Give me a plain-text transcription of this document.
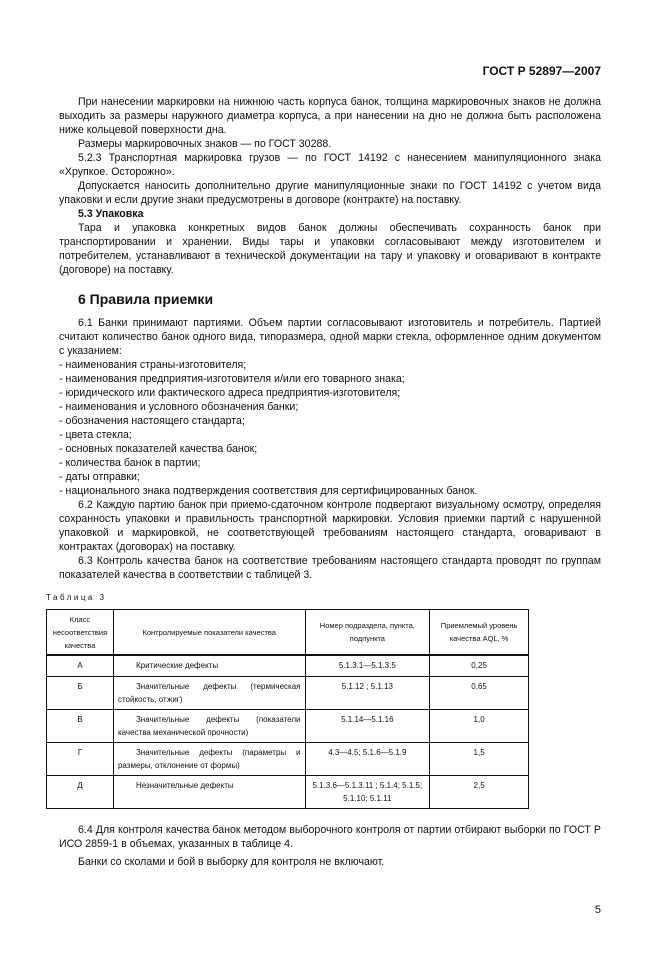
ГОСТ Р 52897—2007

При нанесении маркировки на нижнюю часть корпуса банок, толщина маркировочных знаков не должна выходить за размеры наружного диаметра корпуса, а при нанесении на дно не должна быть расположена ниже кольцевой поверхности дна.

Размеры маркировочных знаков — по ГОСТ 30288.

5.2.3 Транспортная маркировка грузов — по ГОСТ 14192 с нанесением манипуляционного знака «Хрупкое. Осторожно».

Допускается наносить дополнительно другие манипуляционные знаки по ГОСТ 14192 с учетом вида упаковки и если другие знаки предусмотрены в договоре (контракте) на поставку.

5.3 Упаковка

Тара и упаковка конкретных видов банок должны обеспечивать сохранность банок при транспортировании и хранении. Виды тары и упаковки согласовывают между изготовителем и потребителем, устанавливают в технической документации на тару и упаковку и оговаривают в контракте (договоре) на поставку.

6 Правила приемки

6.1 Банки принимают партиями. Объем партии согласовывают изготовитель и потребитель. Партией считают количество банок одного вида, типоразмера, одной марки стекла, оформленное одним документом с указанием:

- наименования страны-изготовителя;

- наименования предприятия-изготовителя и/или его товарного знака;

- юридического или фактического адреса предприятия-изготовителя;

- наименования и условного обозначения банки;

- обозначения настоящего стандарта;

- цвета стекла;

- основных показателей качества банок;

- количества банок в партии;

- даты отправки;

- национального знака подтверждения соответствия для сертифицированных банок.

6.2 Каждую партию банок при приемо-сдаточном контроле подвергают визуальному осмотру, определяя сохранность упаковки и правильность транспортной маркировки. Условия приемки партий с нарушенной упаковкой и маркировкой, не соответствующей требованиям настоящего стандарта, оговаривают в контрактах (договорах) на поставку.

6.3 Контроль качества банок на соответствие требованиям настоящего стандарта проводят по группам показателей качества в соответствии с таблицей 3.

Таблица 3
Класс несоответствия качества	Контролируемые показатели качества	Номер подраздела, пункта, подпункта	Приемлемый уровень качества AQL, %
А	Критические дефекты	5.1.3.1—5.1.3.5	0,25
Б	Значительные дефекты (термическая стойкость, отжиг)	5.1.12 ; 5.1.13	0,65
В	Значительные дефекты (показатели качества механической прочности)	5.1.14—5.1.16	1,0
Г	Значительные дефекты (параметры и размеры, отклонение от формы)	4.3—4.5; 5.1.6—5.1.9	1,5
Д	Незначительные дефекты	5.1.3.6—5.1.3.11 ; 5.1.4; 5.1.5; 5.1.10; 5.1.11	2,5

6.4 Для контроля качества банок методом выборочного контроля от партии отбирают выборки по ГОСТ Р ИСО 2859-1 в объемах, указанных в таблице 4.

Банки со сколами и бой в выборку для контроля не включают.

5
